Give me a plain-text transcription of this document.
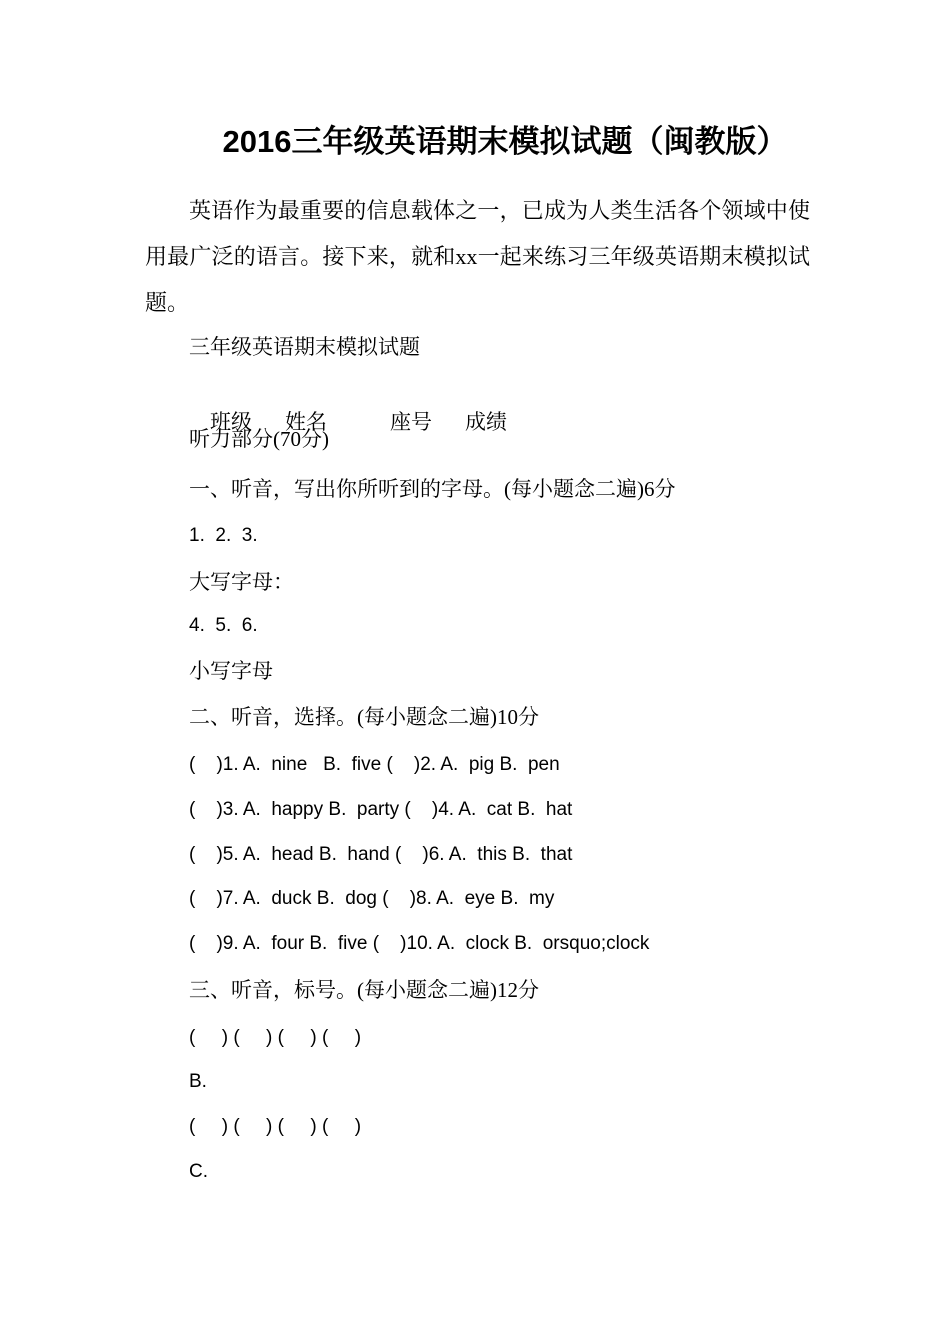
2016三年级英语期末模拟试题（闽教版）
英语作为最重要的信息载体之一，已成为人类生活各个领域中使用最广泛的语言。接下来，就和xx一起来练习三年级英语期末模拟试题。
三年级英语期末模拟试题

班级 姓名	座号 成绩

听力部分(70分)
一、听音，写出你所听到的字母。(每小题念二遍)6分
1.  2.  3.
大写字母：
4.  5.  6.
小写字母
二、听音，选择。(每小题念二遍)10分
(    )1. A.  nine   B.  five (    )2. A.  pig B.  pen
(    )3. A.  happy B.  party (    )4. A.  cat B.  hat
(    )5. A.  head B.  hand (    )6. A.  this B.  that
(    )7. A.  duck B.  dog (    )8. A.  eye B.  my
(    )9. A.  four B.  five (    )10. A.  clock B.  orsquo;clock
三、听音，标号。(每小题念二遍)12分
(     ) (     ) (     ) (     )
B.
(     ) (     ) (     ) (     )
C.
